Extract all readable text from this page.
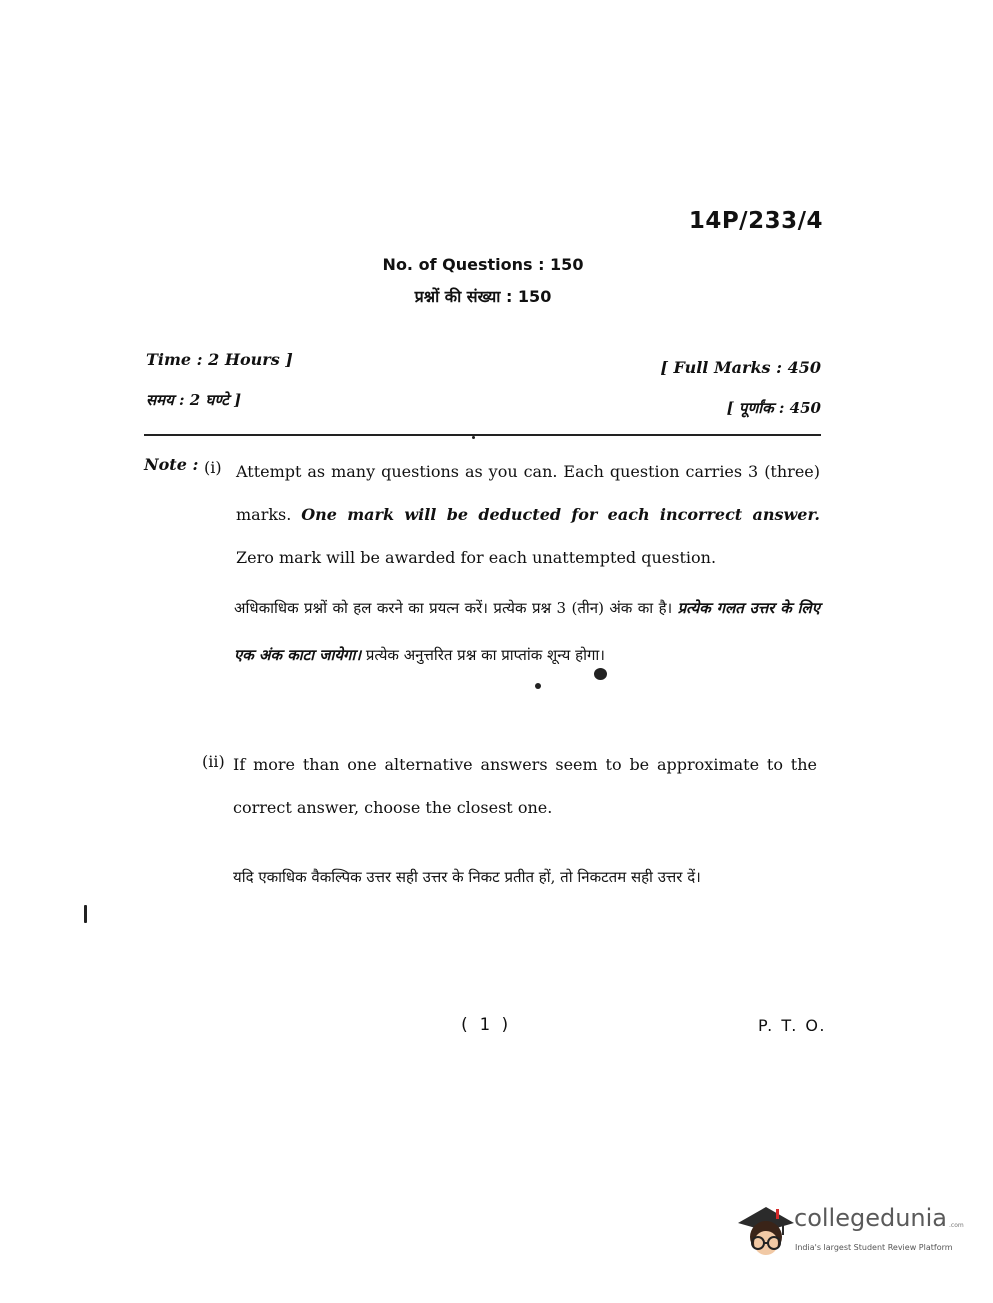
14P/233/4
No. of Questions : 150
प्रश्नों की संख्या : 150
Time : 2 Hours ]
समय : 2 घण्टे ]
[ Full Marks : 450
[ पूर्णांक : 450
Note : (i) Attempt as many questions as you can. Each question carries 3 (three) marks. One mark will be deducted for each incorrect answer. Zero mark will be awarded for each unattempted question.
अधिकाधिक प्रश्नों को हल करने का प्रयत्न करें। प्रत्येक प्रश्न 3 (तीन) अंक का है। प्रत्येक गलत उत्तर के लिए एक अंक काटा जायेगा। प्रत्येक अनुत्तरित प्रश्न का प्राप्तांक शून्य होगा।
(ii) If more than one alternative answers seem to be approximate to the correct answer, choose the closest one.
यदि एकाधिक वैकल्पिक उत्तर सही उत्तर के निकट प्रतीत हों, तो निकटतम सही उत्तर दें।
( 1 )	P. T. O.
collegedunia .com
India's largest Student Review Platform
